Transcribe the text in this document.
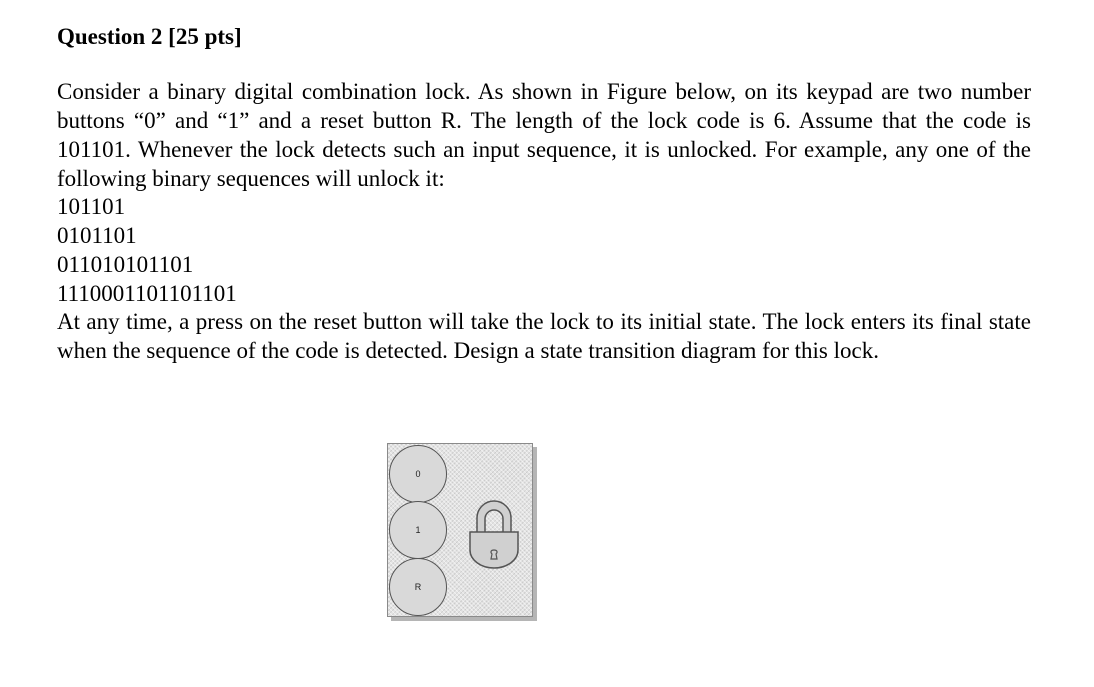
Question 2 [25 pts]

Consider a binary digital combination lock. As shown in Figure below, on its keypad are two number buttons “0” and “1” and a reset button R. The length of the lock code is 6. Assume that the code is 101101. Whenever the lock detects such an input sequence, it is unlocked. For example, any one of the following binary sequences will unlock it:

101101
0101101
011010101101
1110001101101101

At any time, a press on the reset button will take the lock to its initial state. The lock enters its final state when the sequence of the code is detected. Design a state transition diagram for this lock.

0
1
R
